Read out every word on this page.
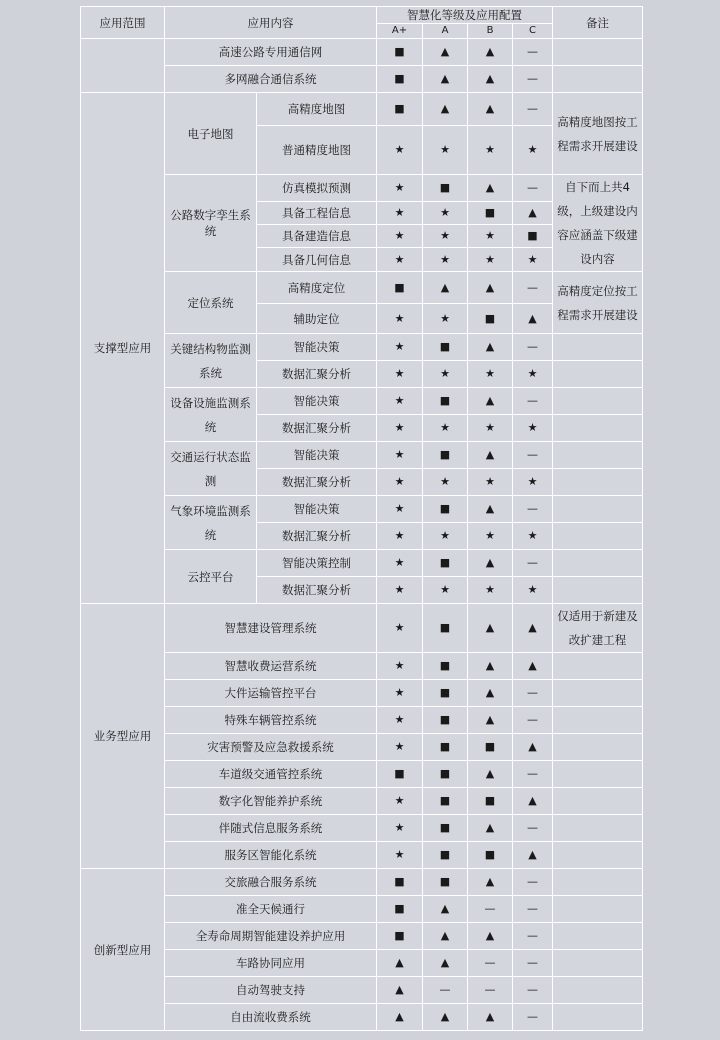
应用范围	应用内容		智慧化等级及应用配置				备注
			A+	A	B	C	
	高速公路专用通信网		■	▲	▲	—	
	多网融合通信系统		■	▲	▲	—	
支撑型应用	电子地图	高精度地图	■	▲	▲	—	高精度地图按工程需求开展建设
		普通精度地图	★	★	★	★	
	公路数字孪生系统	仿真模拟预测	★	■	▲	—	自下而上共4级，上级建设内容应涵盖下级建设内容
		具备工程信息	★	★	■	▲	
		具备建造信息	★	★	★	■	
		具备几何信息	★	★	★	★	
	定位系统	高精度定位	■	▲	▲	—	高精度定位按工程需求开展建设
		辅助定位	★	★	■	▲	
	关键结构物监测系统	智能决策	★	■	▲	—	
		数据汇聚分析	★	★	★	★	
	设备设施监测系统	智能决策	★	■	▲	—	
		数据汇聚分析	★	★	★	★	
	交通运行状态监测	智能决策	★	■	▲	—	
		数据汇聚分析	★	★	★	★	
	气象环境监测系统	智能决策	★	■	▲	—	
		数据汇聚分析	★	★	★	★	
	云控平台	智能决策控制	★	■	▲	—	
		数据汇聚分析	★	★	★	★	
业务型应用	智慧建设管理系统		★	■	▲	▲	仅适用于新建及改扩建工程
	智慧收费运营系统		★	■	▲	▲	
	大件运输管控平台		★	■	▲	—	
	特殊车辆管控系统		★	■	▲	—	
	灾害预警及应急救援系统		★	■	■	▲	
	车道级交通管控系统		■	■	▲	—	
	数字化智能养护系统		★	■	■	▲	
	伴随式信息服务系统		★	■	▲	—	
	服务区智能化系统		★	■	■	▲	
创新型应用	交旅融合服务系统		■	■	▲	—	
	准全天候通行		■	▲	—	—	
	全寿命周期智能建设养护应用		■	▲	▲	—	
	车路协同应用		▲	▲	—	—	
	自动驾驶支持		▲	—	—	—	
	自由流收费系统		▲	▲	▲	—	
